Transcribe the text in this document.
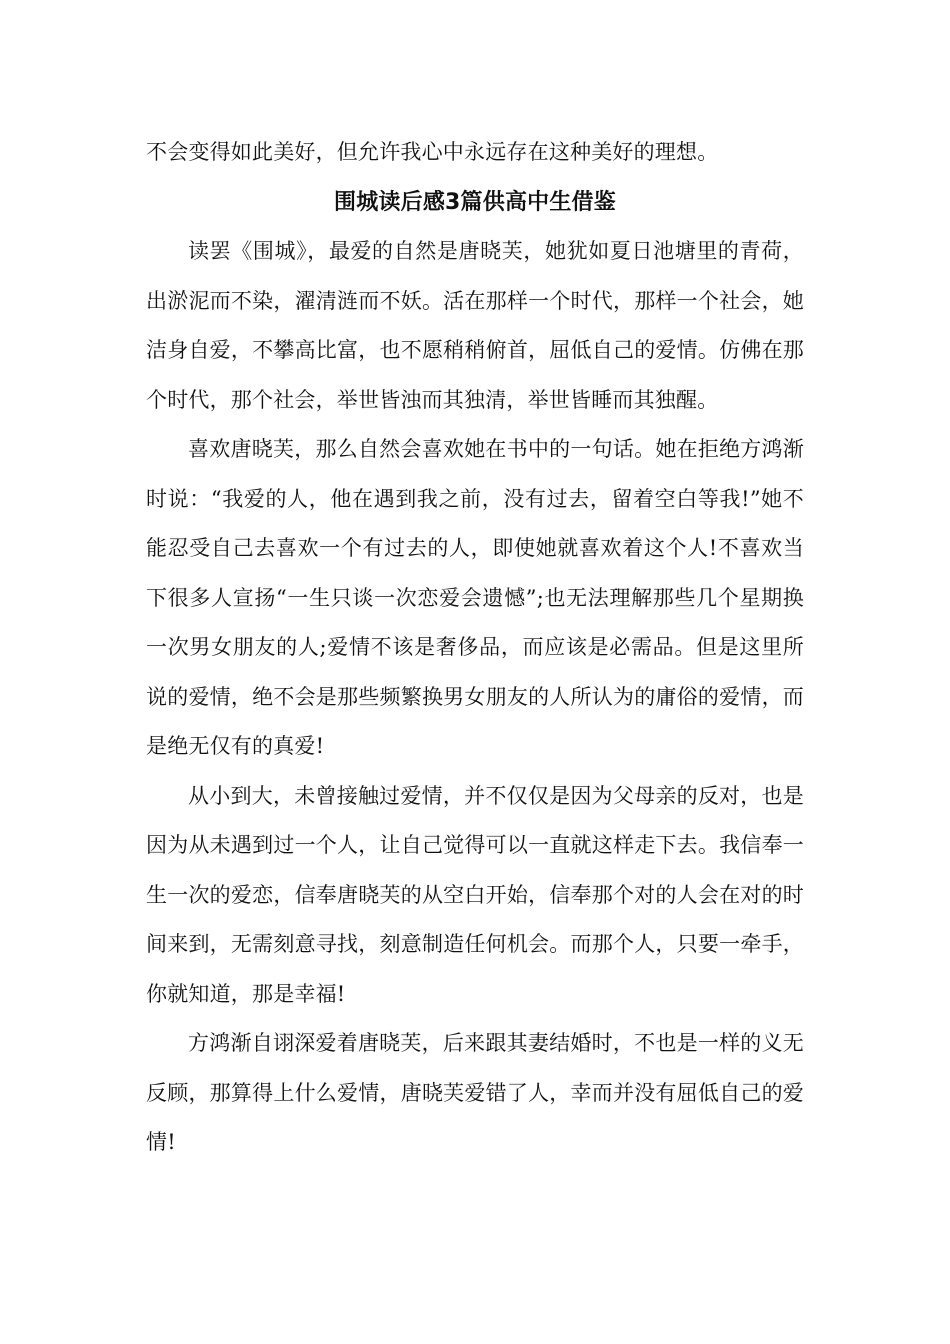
不会变得如此美好，但允许我心中永远存在这种美好的理想。

围城读后感3篇供高中生借鉴

读罢《围城》，最爱的自然是唐晓芙，她犹如夏日池塘里的青荷，出淤泥而不染，濯清涟而不妖。活在那样一个时代，那样一个社会，她洁身自爱，不攀高比富，也不愿稍稍俯首，屈低自己的爱情。仿佛在那个时代，那个社会，举世皆浊而其独清，举世皆睡而其独醒。

喜欢唐晓芙，那么自然会喜欢她在书中的一句话。她在拒绝方鸿渐时说：“我爱的人，他在遇到我之前，没有过去，留着空白等我!”她不能忍受自己去喜欢一个有过去的人，即使她就喜欢着这个人!不喜欢当下很多人宣扬“一生只谈一次恋爱会遗憾”;也无法理解那些几个星期换一次男女朋友的人;爱情不该是奢侈品，而应该是必需品。但是这里所说的爱情，绝不会是那些频繁换男女朋友的人所认为的庸俗的爱情，而是绝无仅有的真爱!

从小到大，未曾接触过爱情，并不仅仅是因为父母亲的反对，也是因为从未遇到过一个人，让自己觉得可以一直就这样走下去。我信奉一生一次的爱恋，信奉唐晓芙的从空白开始，信奉那个对的人会在对的时间来到，无需刻意寻找，刻意制造任何机会。而那个人，只要一牵手，你就知道，那是幸福!

方鸿渐自诩深爱着唐晓芙，后来跟其妻结婚时，不也是一样的义无反顾，那算得上什么爱情，唐晓芙爱错了人，幸而并没有屈低自己的爱情!
